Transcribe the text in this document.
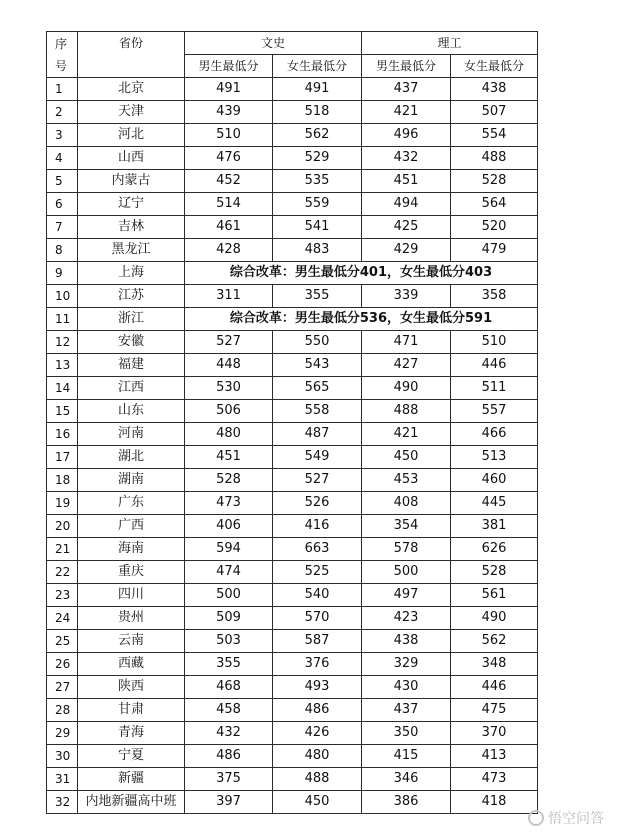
序
号	省份	文史		理工	
		男生最低分	女生最低分	男生最低分	女生最低分
1	北京	491	491	437	438
2	天津	439	518	421	507
3	河北	510	562	496	554
4	山西	476	529	432	488
5	内蒙古	452	535	451	528
6	辽宁	514	559	494	564
7	吉林	461	541	425	520
8	黑龙江	428	483	429	479
9	上海	综合改革：男生最低分401，女生最低分403			
10	江苏	311	355	339	358
11	浙江	综合改革：男生最低分536，女生最低分591			
12	安徽	527	550	471	510
13	福建	448	543	427	446
14	江西	530	565	490	511
15	山东	506	558	488	557
16	河南	480	487	421	466
17	湖北	451	549	450	513
18	湖南	528	527	453	460
19	广东	473	526	408	445
20	广西	406	416	354	381
21	海南	594	663	578	626
22	重庆	474	525	500	528
23	四川	500	540	497	561
24	贵州	509	570	423	490
25	云南	503	587	438	562
26	西藏	355	376	329	348
27	陕西	468	493	430	446
28	甘肃	458	486	437	475
29	青海	432	426	350	370
30	宁夏	486	480	415	413
31	新疆	375	488	346	473
32	内地新疆高中班	397	450	386	418
悟空问答
